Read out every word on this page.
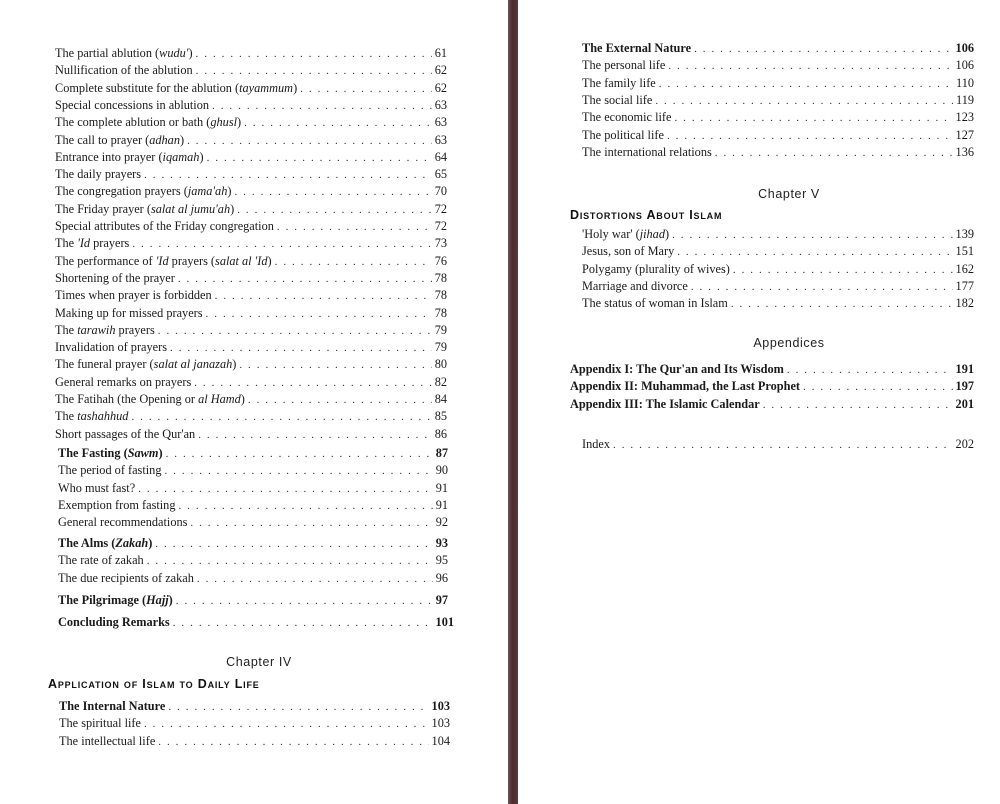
The partial ablution (wudu') . . .	61
Nullification of the ablution . . .	62
Complete substitute for the ablution (tayammum) . . .	62
Special concessions in ablution . . .	63
The complete ablution or bath (ghusl) . . .	63
The call to prayer (adhan) . . .	63
Entrance into prayer (iqamah) . . .	64
The daily prayers . . .	65
The congregation prayers (jama'ah) . . .	70
The Friday prayer (salat al jumu'ah) . . .	72
Special attributes of the Friday congregation . . .	72
The 'Id prayers . . .	73
The performance of 'Id prayers (salat al 'Id) . . .	76
Shortening of the prayer . . .	78
Times when prayer is forbidden . . .	78
Making up for missed prayers . . .	78
The tarawih prayers . . .	79
Invalidation of prayers . . .	79
The funeral prayer (salat al janazah) . . .	80
General remarks on prayers . . .	82
The Fatihah (the Opening or al Hamd) . . .	84
The tashahhud . . .	85
Short passages of the Qur'an . . .	86
The Fasting (Sawm) . . .	87
The period of fasting . . .	90
Who must fast? . . .	91
Exemption from fasting . . .	91
General recommendations . . .	92
The Alms (Zakah) . . .	93
The rate of zakah . . .	95
The due recipients of zakah . . .	96
The Pilgrimage (Hajj) . . .	97
Concluding Remarks . . .	101
Chapter IV
Application of Islam to Daily Life
The Internal Nature . . .	103
The spiritual life . . .	103
The intellectual life . . .	104
The External Nature . . .	106
The personal life . . .	106
The family life . . .	110
The social life . . .	119
The economic life . . .	123
The political life . . .	127
The international relations . . .	136
Chapter V
Distortions About Islam
'Holy war' (jihad) . . .	139
Jesus, son of Mary . . .	151
Polygamy (plurality of wives) . . .	162
Marriage and divorce . . .	177
The status of woman in Islam . . .	182
Appendices
Appendix I: The Qur'an and Its Wisdom . . .	191
Appendix II: Muhammad, the Last Prophet . . .	197
Appendix III: The Islamic Calendar . . .	201
Index . . .	202
